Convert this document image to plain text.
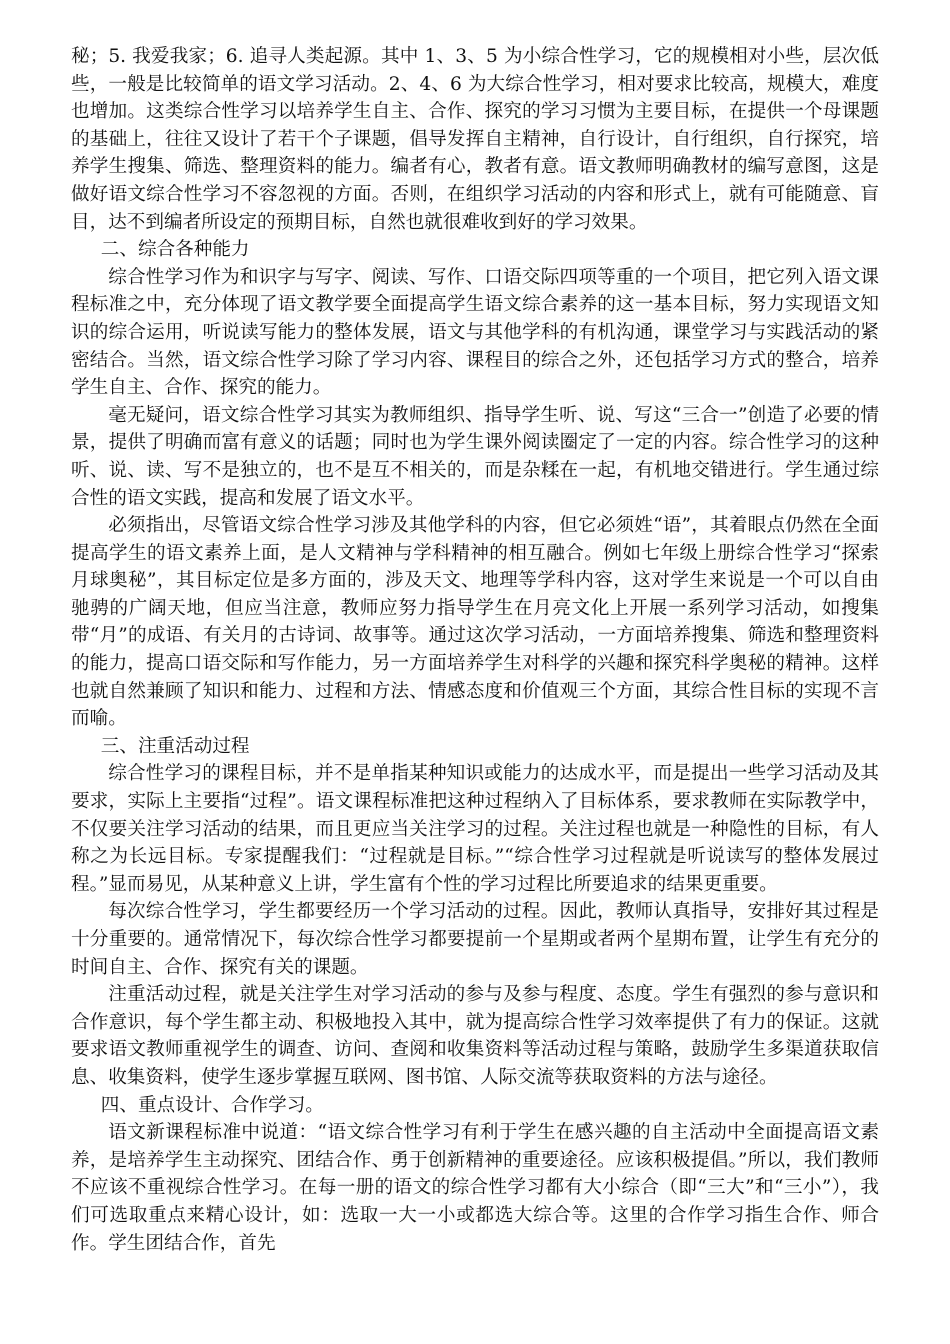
秘；5. 我爱我家；6. 追寻人类起源。其中 1、3、5 为小综合性学习，它的规模相对小些，层次低些，一般是比较简单的语文学习活动。2、4、6 为大综合性学习，相对要求比较高，规模大，难度也增加。这类综合性学习以培养学生自主、合作、探究的学习习惯为主要目标，在提供一个母课题的基础上，往往又设计了若干个子课题，倡导发挥自主精神，自行设计，自行组织，自行探究，培养学生搜集、筛选、整理资料的能力。编者有心，教者有意。语文教师明确教材的编写意图，这是做好语文综合性学习不容忽视的方面。否则，在组织学习活动的内容和形式上，就有可能随意、盲目，达不到编者所设定的预期目标，自然也就很难收到好的学习效果。

二、综合各种能力

综合性学习作为和识字与写字、阅读、写作、口语交际四项等重的一个项目，把它列入语文课程标准之中，充分体现了语文教学要全面提高学生语文综合素养的这一基本目标，努力实现语文知识的综合运用，听说读写能力的整体发展，语文与其他学科的有机沟通，课堂学习与实践活动的紧密结合。当然，语文综合性学习除了学习内容、课程目的综合之外，还包括学习方式的整合，培养学生自主、合作、探究的能力。

毫无疑问，语文综合性学习其实为教师组织、指导学生听、说、写这“三合一”创造了必要的情景，提供了明确而富有意义的话题；同时也为学生课外阅读圈定了一定的内容。综合性学习的这种听、说、读、写不是独立的，也不是互不相关的，而是杂糅在一起，有机地交错进行。学生通过综合性的语文实践，提高和发展了语文水平。

必须指出，尽管语文综合性学习涉及其他学科的内容，但它必须姓“语”，其着眼点仍然在全面提高学生的语文素养上面，是人文精神与学科精神的相互融合。例如七年级上册综合性学习“探索月球奥秘”，其目标定位是多方面的，涉及天文、地理等学科内容，这对学生来说是一个可以自由驰骋的广阔天地，但应当注意，教师应努力指导学生在月亮文化上开展一系列学习活动，如搜集带“月”的成语、有关月的古诗词、故事等。通过这次学习活动，一方面培养搜集、筛选和整理资料的能力，提高口语交际和写作能力，另一方面培养学生对科学的兴趣和探究科学奥秘的精神。这样也就自然兼顾了知识和能力、过程和方法、情感态度和价值观三个方面，其综合性目标的实现不言而喻。

三、注重活动过程

综合性学习的课程目标，并不是单指某种知识或能力的达成水平，而是提出一些学习活动及其要求，实际上主要指“过程”。语文课程标准把这种过程纳入了目标体系，要求教师在实际教学中，不仅要关注学习活动的结果，而且更应当关注学习的过程。关注过程也就是一种隐性的目标，有人称之为长远目标。专家提醒我们：“过程就是目标。”“综合性学习过程就是听说读写的整体发展过程。”显而易见，从某种意义上讲，学生富有个性的学习过程比所要追求的结果更重要。

每次综合性学习，学生都要经历一个学习活动的过程。因此，教师认真指导，安排好其过程是十分重要的。通常情况下，每次综合性学习都要提前一个星期或者两个星期布置，让学生有充分的时间自主、合作、探究有关的课题。

注重活动过程，就是关注学生对学习活动的参与及参与程度、态度。学生有强烈的参与意识和合作意识，每个学生都主动、积极地投入其中，就为提高综合性学习效率提供了有力的保证。这就要求语文教师重视学生的调查、访问、查阅和收集资料等活动过程与策略，鼓励学生多渠道获取信息、收集资料，使学生逐步掌握互联网、图书馆、人际交流等获取资料的方法与途径。

四、重点设计、合作学习。

语文新课程标准中说道：“语文综合性学习有利于学生在感兴趣的自主活动中全面提高语文素养，是培养学生主动探究、团结合作、勇于创新精神的重要途径。应该积极提倡。”所以，我们教师不应该不重视综合性学习。在每一册的语文的综合性学习都有大小综合（即“三大”和“三小”），我们可选取重点来精心设计，如：选取一大一小或都选大综合等。这里的合作学习指生合作、师合作。学生团结合作，首先
